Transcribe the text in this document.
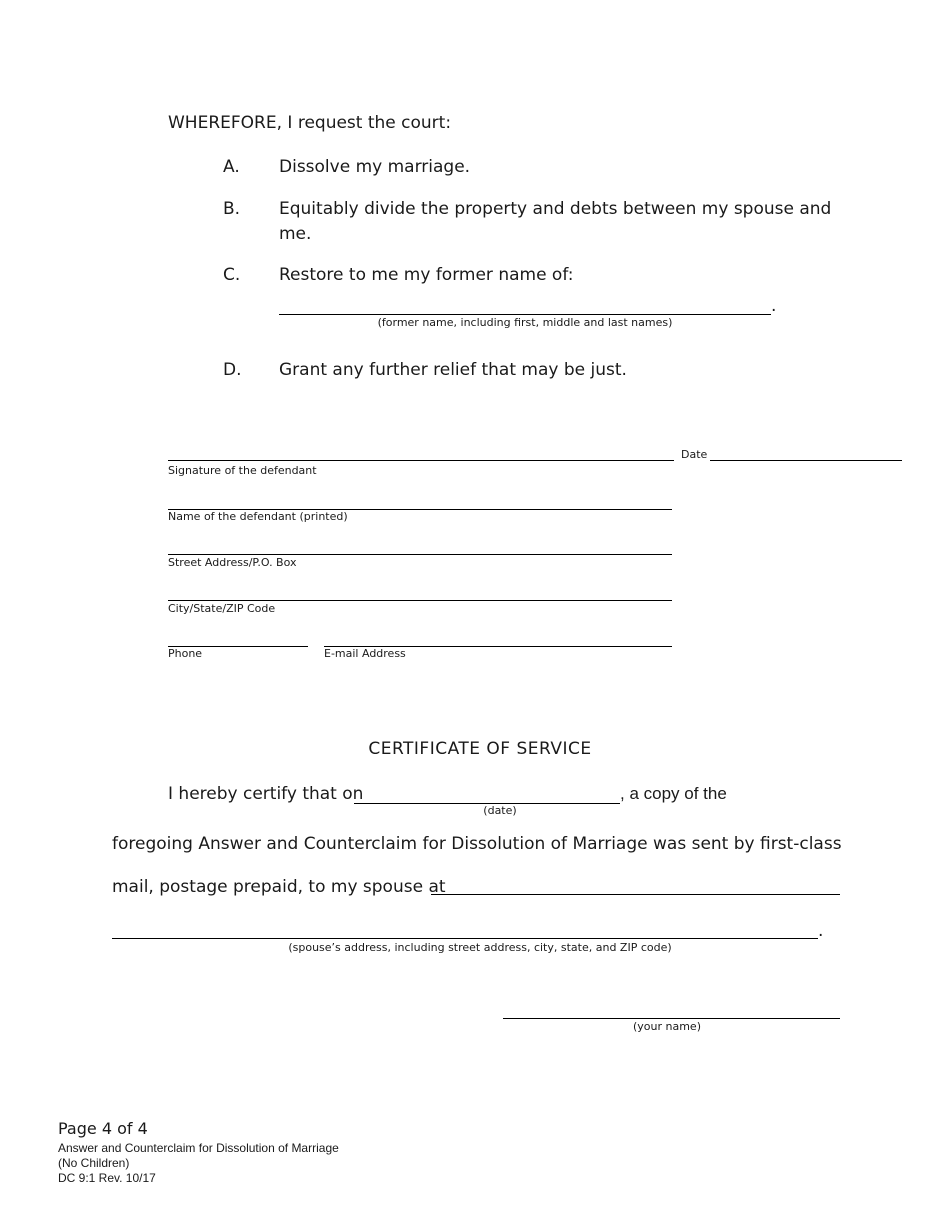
WHEREFORE, I request the court:
A. Dissolve my marriage.
B. Equitably divide the property and debts between my spouse and
me.
C. Restore to me my former name of:
.
(former name, including first, middle and last names)
D. Grant any further relief that may be just.
Signature of the defendant
Date
Name of the defendant (printed)
Street Address/P.O. Box
City/State/ZIP Code
Phone	E-mail Address
CERTIFICATE OF SERVICE
I hereby certify that on	, a copy of the
(date)
foregoing Answer and Counterclaim for Dissolution of Marriage was sent by first-class
mail, postage prepaid, to my spouse at
.
(spouse’s address, including street address, city, state, and ZIP code)
(your name)
Page 4 of 4
Answer and Counterclaim for Dissolution of Marriage
(No Children)
DC 9:1 Rev. 10/17
